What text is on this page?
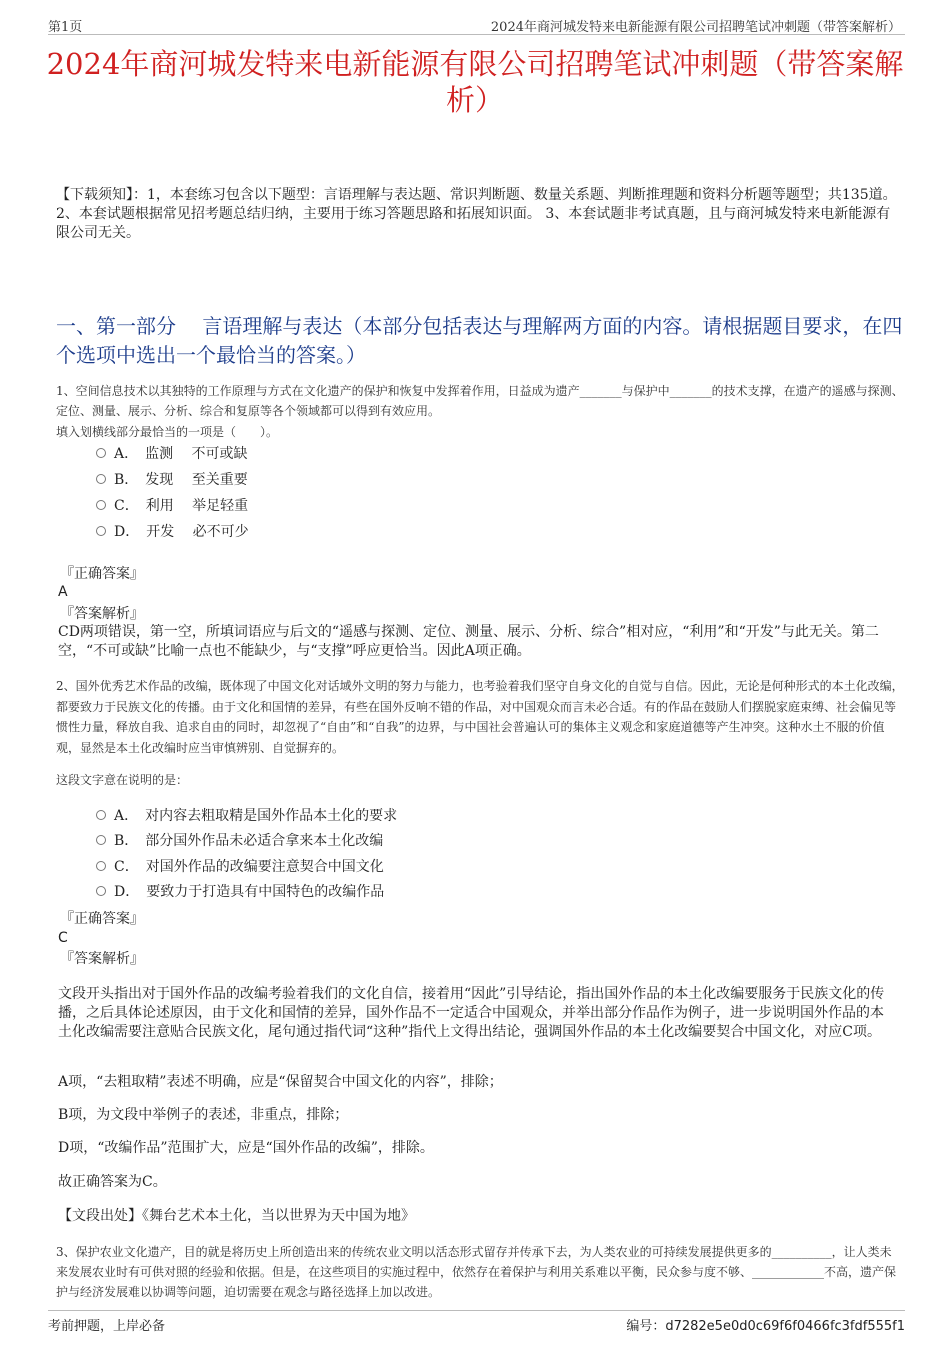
第1页	2024年商河城发特来电新能源有限公司招聘笔试冲刺题（带答案解析）
2024年商河城发特来电新能源有限公司招聘笔试冲刺题（带答案解析）
【下载须知】：1，本套练习包含以下题型：言语理解与表达题、常识判断题、数量关系题、判断推理题和资料分析题等题型；共135道。 2、本套试题根据常见招考题总结归纳，主要用于练习答题思路和拓展知识面。 3、本套试题非考试真题，且与商河城发特来电新能源有限公司无关。
一、第一部分　 言语理解与表达（本部分包括表达与理解两方面的内容。请根据题目要求，在四个选项中选出一个最恰当的答案。）
1、空间信息技术以其独特的工作原理与方式在文化遗产的保护和恢复中发挥着作用，日益成为遗产_______与保护中_______的技术支撑，在遗产的遥感与探测、定位、测量、展示、分析、综合和复原等各个领域都可以得到有效应用。
填入划横线部分最恰当的一项是（　　）。
A．　监测　 不可或缺
B．　发现　 至关重要
C．　利用　 举足轻重
D．　开发　 必不可少
『正确答案』
A
『答案解析』
CD两项错误，第一空，所填词语应与后文的“遥感与探测、定位、测量、展示、分析、综合”相对应，“利用”和“开发”与此无关。第二空，“不可或缺”比喻一点也不能缺少，与“支撑”呼应更恰当。因此A项正确。
2、国外优秀艺术作品的改编，既体现了中国文化对话域外文明的努力与能力，也考验着我们坚守自身文化的自觉与自信。因此，无论是何种形式的本土化改编，都要致力于民族文化的传播。由于文化和国情的差异，有些在国外反响不错的作品，对中国观众而言未必合适。有的作品在鼓励人们摆脱家庭束缚、社会偏见等惯性力量，释放自我、追求自由的同时，却忽视了“自由”和“自我”的边界，与中国社会普遍认可的集体主义观念和家庭道德等产生冲突。这种水土不服的价值观，显然是本土化改编时应当审慎辨别、自觉摒弃的。
这段文字意在说明的是：
A．　对内容去粗取精是国外作品本土化的要求
B．　部分国外作品未必适合拿来本土化改编
C．　对国外作品的改编要注意契合中国文化
D．　要致力于打造具有中国特色的改编作品
『正确答案』
C
『答案解析』
文段开头指出对于国外作品的改编考验着我们的文化自信，接着用“因此”引导结论，指出国外作品的本土化改编要服务于民族文化的传播，之后具体论述原因，由于文化和国情的差异，国外作品不一定适合中国观众，并举出部分作品作为例子，进一步说明国外作品的本土化改编需要注意贴合民族文化，尾句通过指代词“这种”指代上文得出结论，强调国外作品的本土化改编要契合中国文化，对应C项。
A项，“去粗取精”表述不明确，应是“保留契合中国文化的内容”，排除；
B项，为文段中举例子的表述，非重点，排除；
D项，“改编作品”范围扩大，应是“国外作品的改编”，排除。
故正确答案为C。
【文段出处】《舞台艺术本土化，当以世界为天中国为地》
3、保护农业文化遗产，目的就是将历史上所创造出来的传统农业文明以活态形式留存并传承下去，为人类农业的可持续发展提供更多的__________，让人类未来发展农业时有可供对照的经验和依据。但是，在这些项目的实施过程中，依然存在着保护与利用关系难以平衡，民众参与度不够、____________不高，遗产保护与经济发展难以协调等问题，迫切需要在观念与路径选择上加以改进。
考前押题，上岸必备	编号：d7282e5e0d0c69f6f0466fc3fdf555f1
